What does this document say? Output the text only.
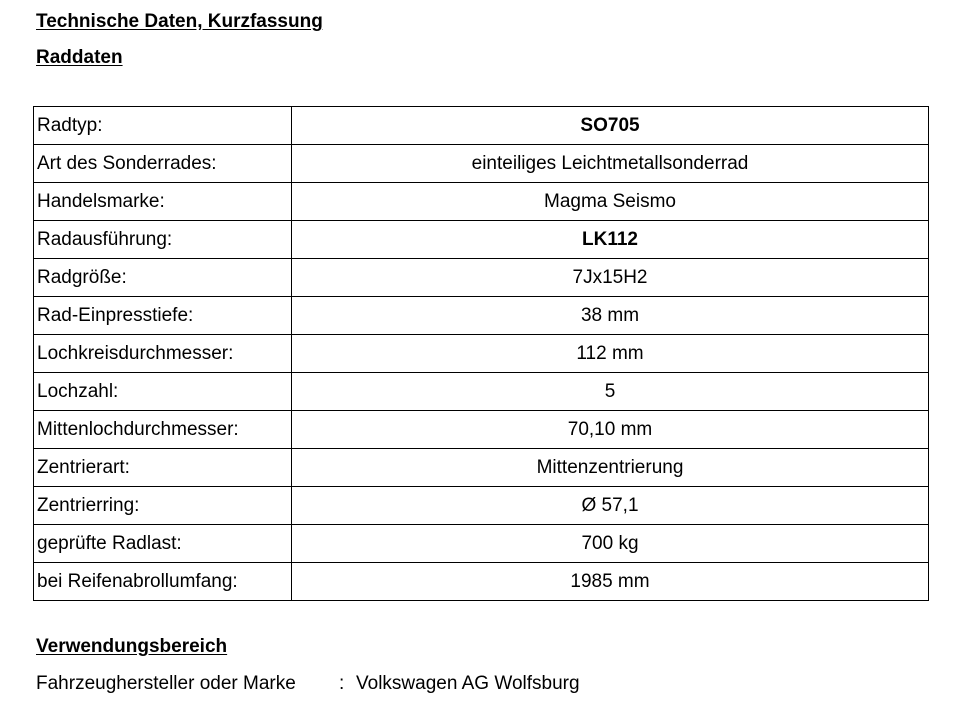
Technische Daten, Kurzfassung
Raddaten
Radtyp:	SO705
Art des Sonderrades:	einteiliges Leichtmetallsonderrad
Handelsmarke:	Magma Seismo
Radausführung:	LK112
Radgröße:	7Jx15H2
Rad-Einpresstiefe:	38 mm
Lochkreisdurchmesser:	112 mm
Lochzahl:	5
Mittenlochdurchmesser:	70,10 mm
Zentrierart:	Mittenzentrierung
Zentrierring:	Ø 57,1
geprüfte Radlast:	700 kg
bei Reifenabrollumfang:	1985 mm
Verwendungsbereich
Fahrzeughersteller oder Marke : Volkswagen AG Wolfsburg
